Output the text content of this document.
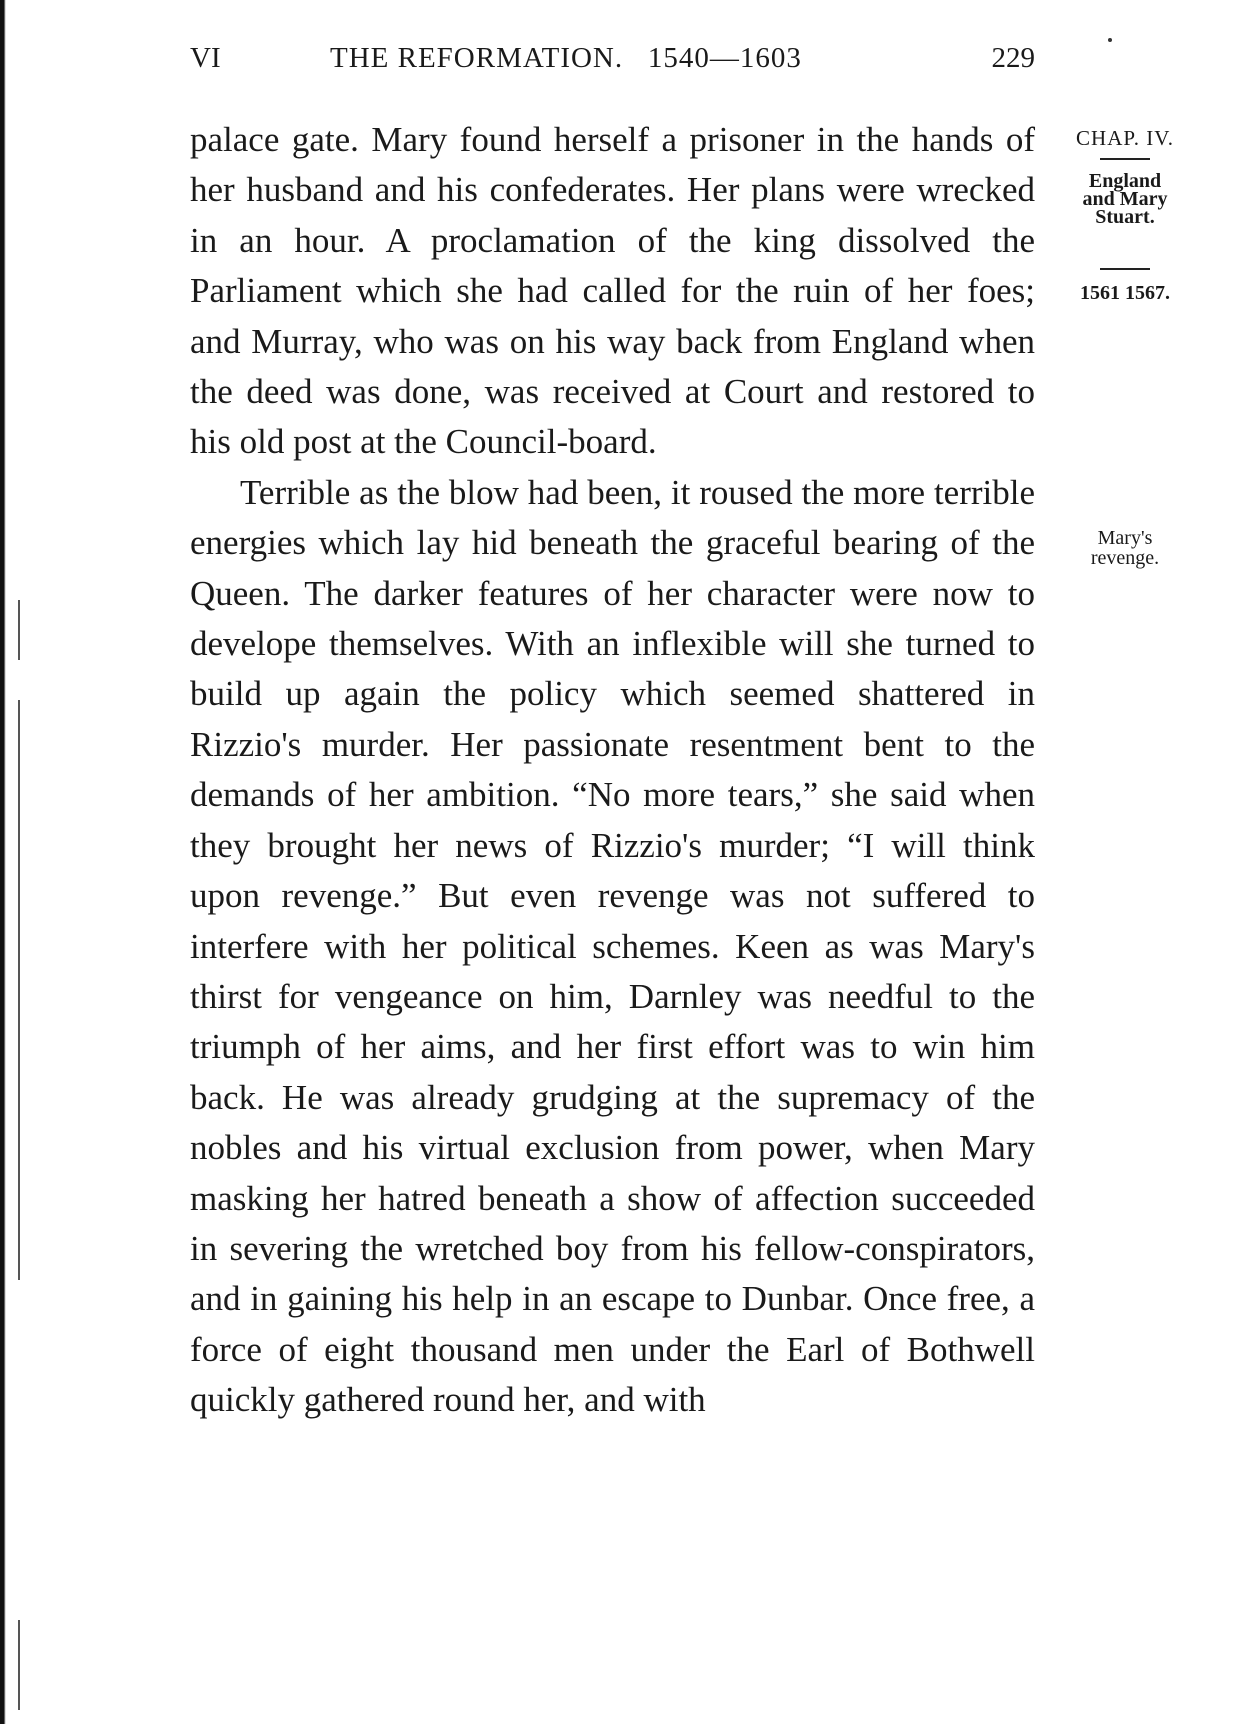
VI	THE REFORMATION. 1540—1603	229

palace gate. Mary found herself a prisoner in the hands of her husband and his confederates. Her plans were wrecked in an hour. A proclamation of the king dissolved the Parliament which she had called for the ruin of her foes; and Murray, who was on his way back from England when the deed was done, was received at Court and restored to his old post at the Council-board.

Terrible as the blow had been, it roused the more terrible energies which lay hid beneath the graceful bearing of the Queen. The darker features of her character were now to develope themselves. With an inflexible will she turned to build up again the policy which seemed shattered in Rizzio's murder. Her passionate resentment bent to the demands of her ambition. “No more tears,” she said when they brought her news of Rizzio's murder; “I will think upon revenge.” But even revenge was not suffered to interfere with her political schemes. Keen as was Mary's thirst for vengeance on him, Darnley was needful to the triumph of her aims, and her first effort was to win him back. He was already grudging at the supremacy of the nobles and his virtual exclusion from power, when Mary masking her hatred beneath a show of affection succeeded in severing the wretched boy from his fellow-conspirators, and in gaining his help in an escape to Dunbar. Once free, a force of eight thousand men under the Earl of Bothwell quickly gathered round her, and with

CHAP. IV.
England
and Mary
Stuart.
1561 1567.
Mary's
revenge.
